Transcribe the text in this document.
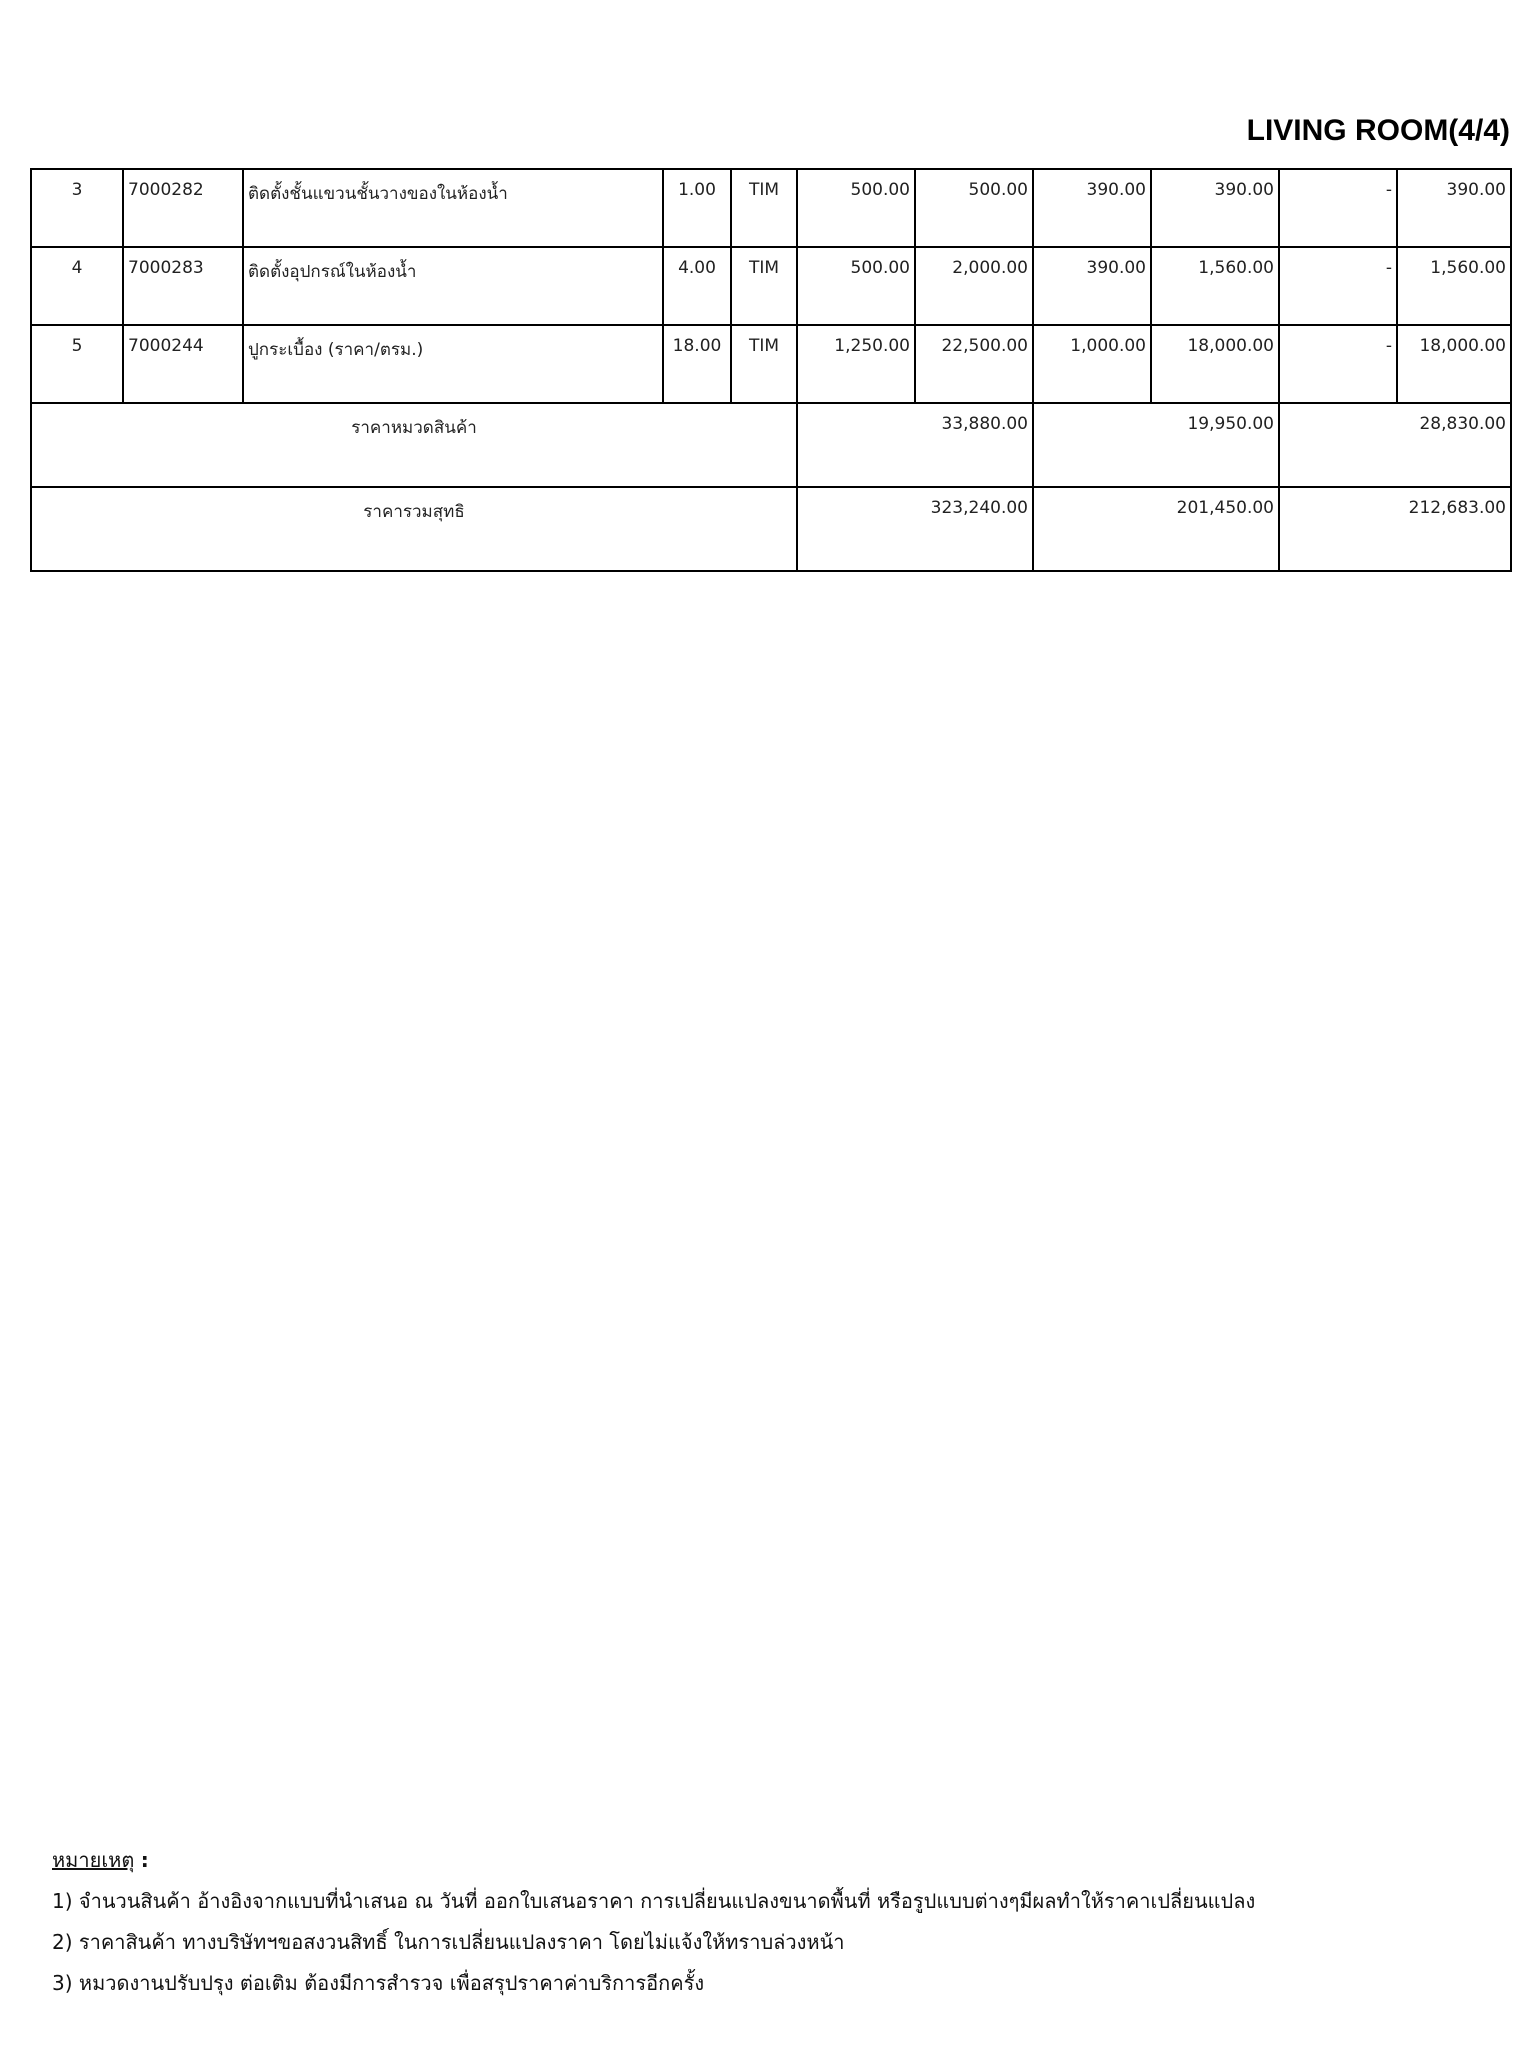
LIVING ROOM(4/4)
3	7000282	ติดตั้งชั้นแขวนชั้นวางของในห้องน้ำ	1.00	TIM	500.00	500.00	390.00	390.00	-	390.00
4	7000283	ติดตั้งอุปกรณ์ในห้องน้ำ	4.00	TIM	500.00	2,000.00	390.00	1,560.00	-	1,560.00
5	7000244	ปูกระเบื้อง (ราคา/ตรม.)	18.00	TIM	1,250.00	22,500.00	1,000.00	18,000.00	-	18,000.00
ราคาหมวดสินค้า					33,880.00		19,950.00		28,830.00	
ราคารวมสุทธิ					323,240.00		201,450.00		212,683.00	
หมายเหตุ :
1) จำนวนสินค้า อ้างอิงจากแบบที่นำเสนอ ณ วันที่ ออกใบเสนอราคา การเปลี่ยนแปลงขนาดพื้นที่ หรือรูปแบบต่างๆมีผลทำให้ราคาเปลี่ยนแปลง
2) ราคาสินค้า ทางบริษัทฯขอสงวนสิทธิ์ ในการเปลี่ยนแปลงราคา โดยไม่แจ้งให้ทราบล่วงหน้า
3) หมวดงานปรับปรุง ต่อเติม ต้องมีการสำรวจ เพื่อสรุปราคาค่าบริการอีกครั้ง
